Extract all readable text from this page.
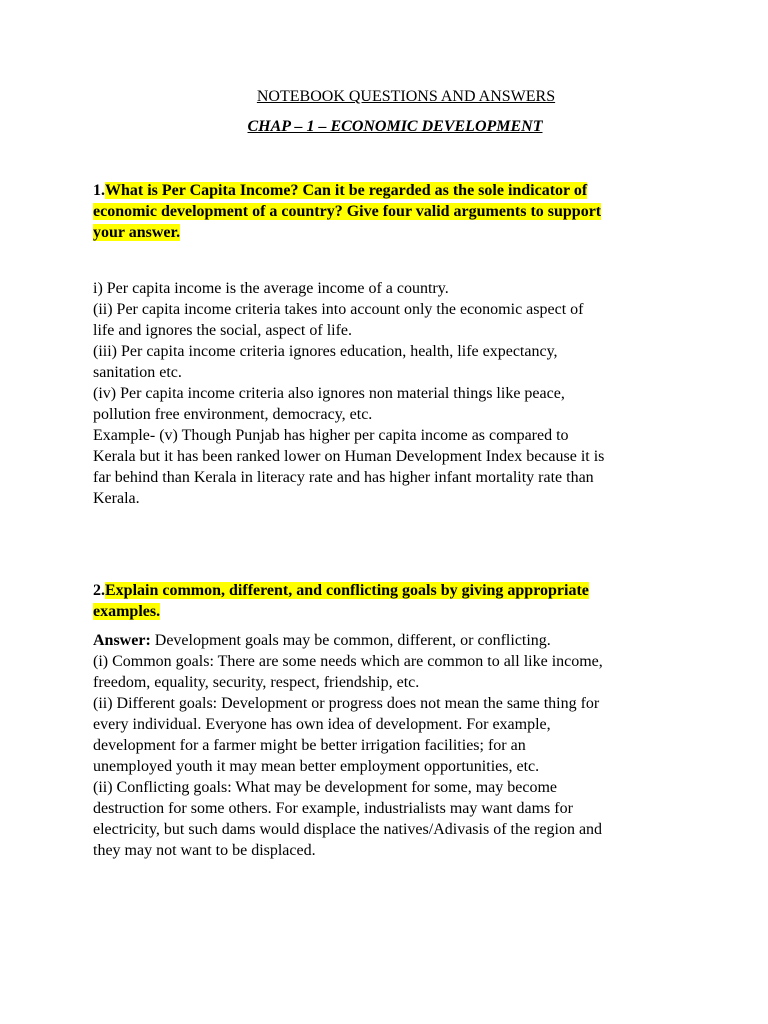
NOTEBOOK QUESTIONS AND ANSWERS
CHAP – 1 – ECONOMIC DEVELOPMENT
1.What is Per Capita Income? Can it be regarded as the sole indicator of
economic development of a country? Give four valid arguments to support
your answer.
i) Per capita income is the average income of a country.
(ii) Per capita income criteria takes into account only the economic aspect of
life and ignores the social, aspect of life.
(iii) Per capita income criteria ignores education, health, life expectancy,
sanitation etc.
(iv) Per capita income criteria also ignores non material things like peace,
pollution free environment, democracy, etc.
Example- (v) Though Punjab has higher per capita income as compared to
Kerala but it has been ranked lower on Human Development Index because it is
far behind than Kerala in literacy rate and has higher infant mortality rate than
Kerala.
2.Explain common, different, and conflicting goals by giving appropriate
examples.
Answer: Development goals may be common, different, or conflicting.
(i) Common goals: There are some needs which are common to all like income,
freedom, equality, security, respect, friendship, etc.
(ii) Different goals: Development or progress does not mean the same thing for
every individual. Everyone has own idea of development. For example,
development for a farmer might be better irrigation facilities; for an
unemployed youth it may mean better employment opportunities, etc.
(ii) Conflicting goals: What may be development for some, may become
destruction for some others. For example, industrialists may want dams for
electricity, but such dams would displace the natives/Adivasis of the region and
they may not want to be displaced.
